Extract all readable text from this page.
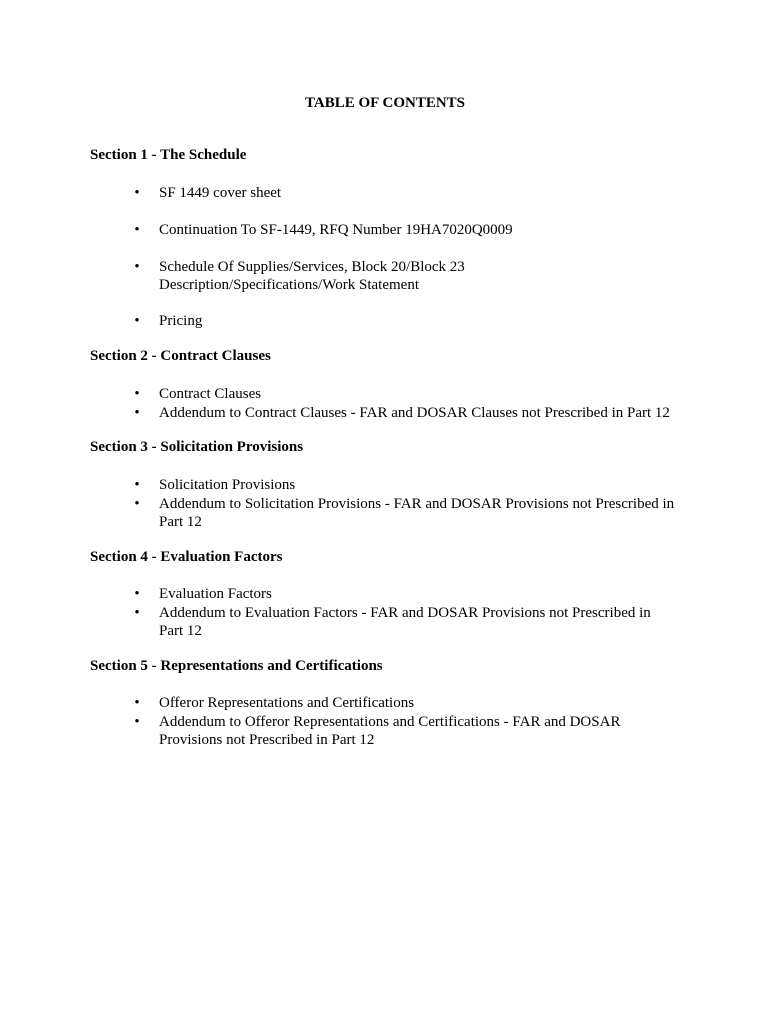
TABLE OF CONTENTS
Section 1 - The Schedule
• SF 1449 cover sheet
• Continuation To SF-1449, RFQ Number 19HA7020Q0009
• Schedule Of Supplies/Services, Block 20/Block 23 Description/Specifications/Work Statement
• Pricing
Section 2 - Contract Clauses
• Contract Clauses
• Addendum to Contract Clauses - FAR and DOSAR Clauses not Prescribed in Part 12
Section 3 - Solicitation Provisions
• Solicitation Provisions
• Addendum to Solicitation Provisions - FAR and DOSAR Provisions not Prescribed in Part 12
Section 4 - Evaluation Factors
• Evaluation Factors
• Addendum to Evaluation Factors - FAR and DOSAR Provisions not Prescribed in Part 12
Section 5 - Representations and Certifications
• Offeror Representations and Certifications
• Addendum to Offeror Representations and Certifications - FAR and DOSAR Provisions not Prescribed in Part 12
